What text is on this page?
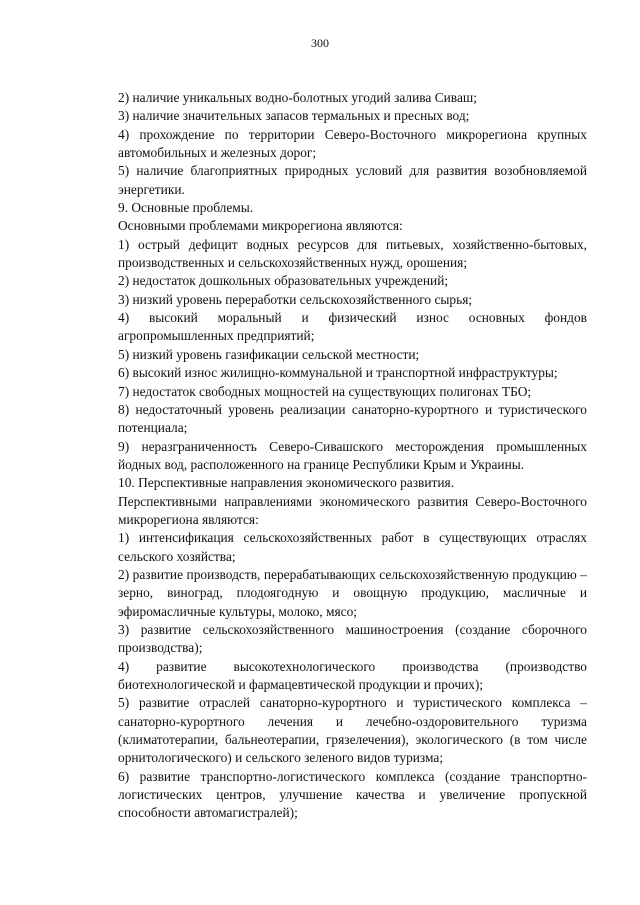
300

2) наличие уникальных водно-болотных угодий залива Сиваш;

3) наличие значительных запасов термальных и пресных вод;

4) прохождение по территории Северо-Восточного микрорегиона крупных автомобильных и железных дорог;

5) наличие благоприятных природных условий для развития возобновляемой энергетики.

9. Основные проблемы.

Основными проблемами микрорегиона являются:

1) острый дефицит водных ресурсов для питьевых, хозяйственно-бытовых, производственных и сельскохозяйственных нужд, орошения;

2) недостаток дошкольных образовательных учреждений;

3) низкий уровень переработки сельскохозяйственного сырья;

4) высокий моральный и физический износ основных фондов агропромышленных предприятий;

5) низкий уровень газификации сельской местности;

6) высокий износ жилищно-коммунальной и транспортной инфраструктуры;

7) недостаток свободных мощностей на существующих полигонах ТБО;

8) недостаточный уровень реализации санаторно-курортного и туристического потенциала;

9) неразграниченность Северо-Сивашского месторождения промышленных йодных вод, расположенного на границе Республики Крым и Украины.

10. Перспективные направления экономического развития.

Перспективными направлениями экономического развития Северо-Восточного микрорегиона являются:

1) интенсификация сельскохозяйственных работ в существующих отраслях сельского хозяйства;

2) развитие производств, перерабатывающих сельскохозяйственную продукцию – зерно, виноград, плодоягодную и овощную продукцию, масличные и эфиромасличные культуры, молоко, мясо;

3) развитие сельскохозяйственного машиностроения (создание сборочного производства);

4) развитие высокотехнологического производства (производство биотехнологической и фармацевтической продукции и прочих);

5) развитие отраслей санаторно-курортного и туристического комплекса – санаторно-курортного лечения и лечебно-оздоровительного туризма (климатотерапии, бальнеотерапии, грязелечения), экологического (в том числе орнитологического) и сельского зеленого видов туризма;

6) развитие транспортно-логистического комплекса (создание транспортно-логистических центров, улучшение качества и увеличение пропускной способности автомагистралей);
